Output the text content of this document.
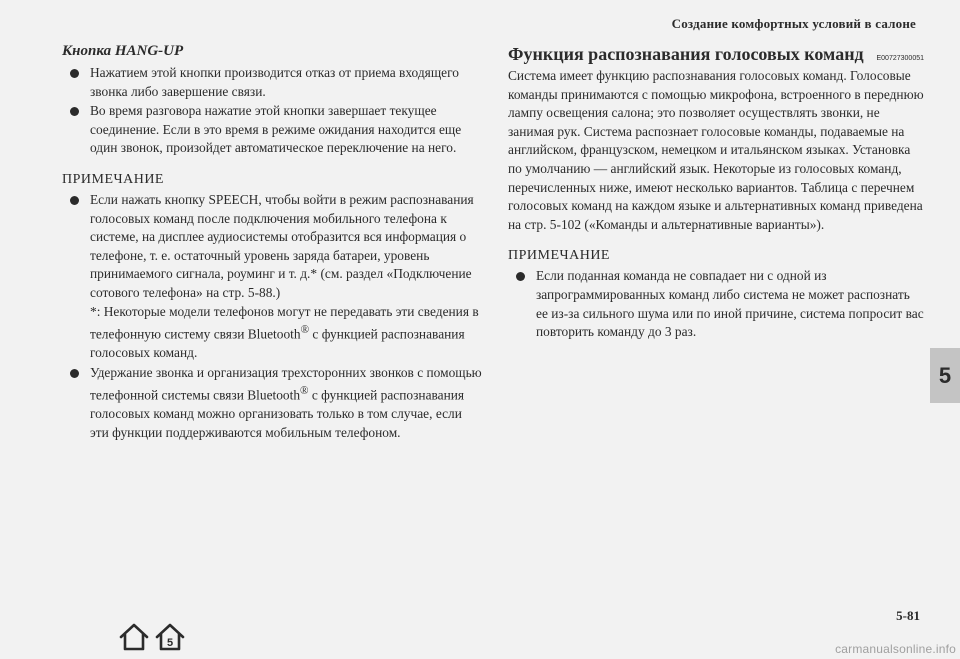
Создание комфортных условий в салоне
Кнопка HANG-UP
Нажатием этой кнопки производится отказ от приема входящего звонка либо завершение связи.
Во время разговора нажатие этой кнопки завершает текущее соединение. Если в это время в режиме ожидания находится еще один звонок, произойдет автоматическое переключение на него.
ПРИМЕЧАНИЕ
Если нажать кнопку SPEECH, чтобы войти в режим распознавания голосовых команд после подключения мобильного телефона к системе, на дисплее аудиосистемы отобразится вся информация о телефоне, т. е. остаточный уровень заряда батареи, уровень принимаемого сигнала, роуминг и т. д.* (см. раздел «Подключение сотового телефона» на стр. 5-88.)
*: Некоторые модели телефонов могут не передавать эти сведения в телефонную систему связи Bluetooth® с функцией распознавания голосовых команд.
Удержание звонка и организация трехсторонних звонков с помощью телефонной системы связи Bluetooth® с функцией распознавания голосовых команд можно организовать только в том случае, если эти функции поддерживаются мобильным телефоном.
Функция распознавания голосовых команд E00727300051

Система имеет функцию распознавания голосовых команд. Голосовые команды принимаются с помощью микрофона, встроенного в переднюю лампу освещения салона; это позволяет осуществлять звонки, не занимая рук. Система распознает голосовые команды, подаваемые на английском, французском, немецком и итальянском языках. Установка по умолчанию — английский язык. Некоторые из голосовых команд, перечисленных ниже, имеют несколько вариантов. Таблица с перечнем голосовых команд на каждом языке и альтернативных команд приведена на стр. 5-102 («Команды и альтернативные варианты»).

ПРИМЕЧАНИЕ
Если поданная команда не совпадает ни с одной из запрограммированных команд либо система не может распознать ее из-за сильного шума или по иной причине, система попросит вас повторить команду до 3 раз.
5
5-81
5	carmanualsonline.info
